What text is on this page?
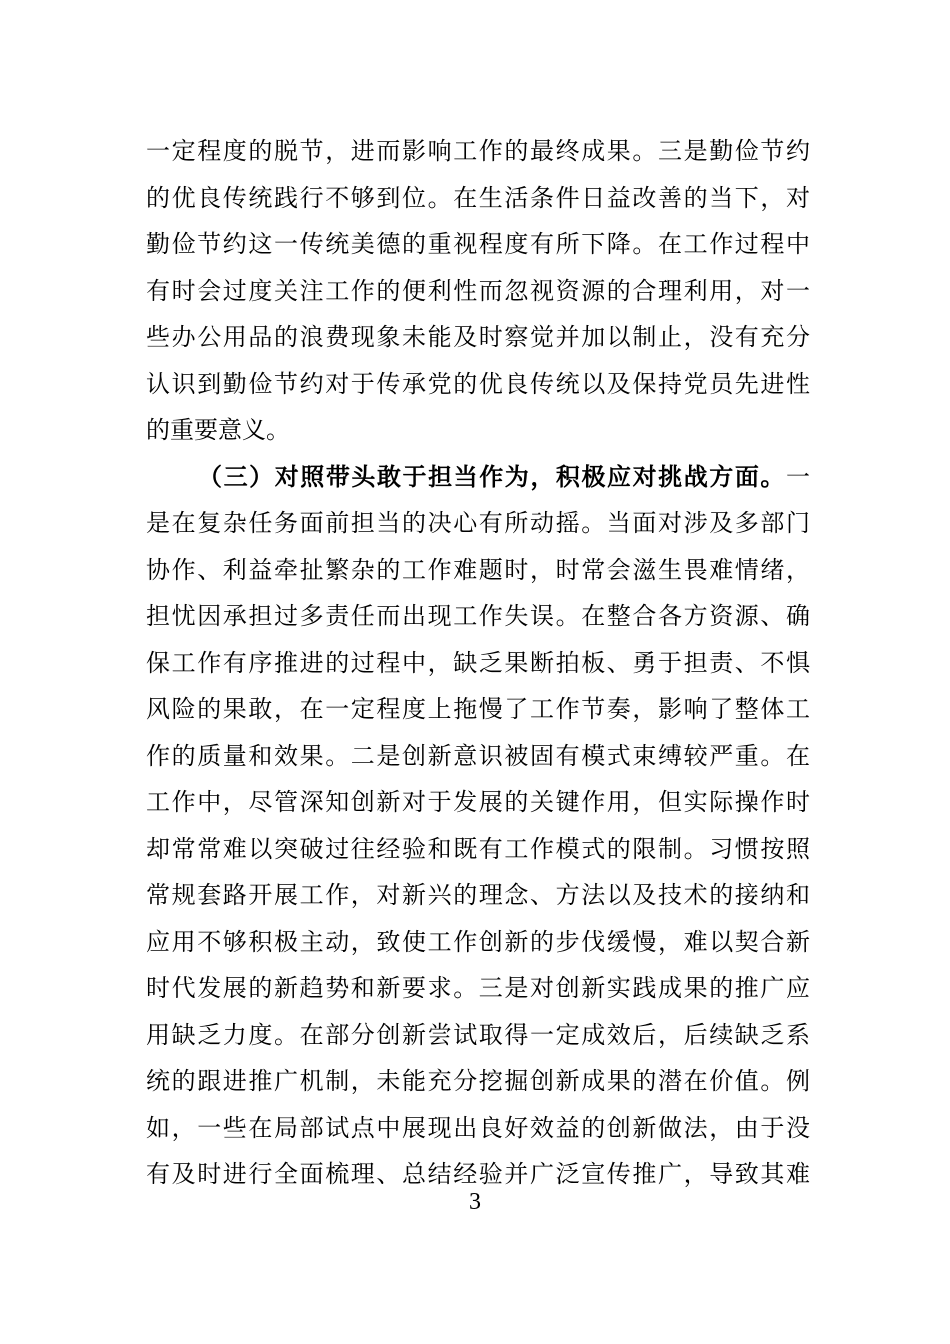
一定程度的脱节，进而影响工作的最终成果。三是勤俭节约
的优良传统践行不够到位。在生活条件日益改善的当下，对
勤俭节约这一传统美德的重视程度有所下降。在工作过程中
有时会过度关注工作的便利性而忽视资源的合理利用，对一
些办公用品的浪费现象未能及时察觉并加以制止，没有充分
认识到勤俭节约对于传承党的优良传统以及保持党员先进性
的重要意义。
（三）对照带头敢于担当作为，积极应对挑战方面。一
是在复杂任务面前担当的决心有所动摇。当面对涉及多部门
协作、利益牵扯繁杂的工作难题时，时常会滋生畏难情绪，
担忧因承担过多责任而出现工作失误。在整合各方资源、确
保工作有序推进的过程中，缺乏果断拍板、勇于担责、不惧
风险的果敢，在一定程度上拖慢了工作节奏，影响了整体工
作的质量和效果。二是创新意识被固有模式束缚较严重。在
工作中，尽管深知创新对于发展的关键作用，但实际操作时
却常常难以突破过往经验和既有工作模式的限制。习惯按照
常规套路开展工作，对新兴的理念、方法以及技术的接纳和
应用不够积极主动，致使工作创新的步伐缓慢，难以契合新
时代发展的新趋势和新要求。三是对创新实践成果的推广应
用缺乏力度。在部分创新尝试取得一定成效后，后续缺乏系
统的跟进推广机制，未能充分挖掘创新成果的潜在价值。例
如，一些在局部试点中展现出良好效益的创新做法，由于没
有及时进行全面梳理、总结经验并广泛宣传推广，导致其难
3
